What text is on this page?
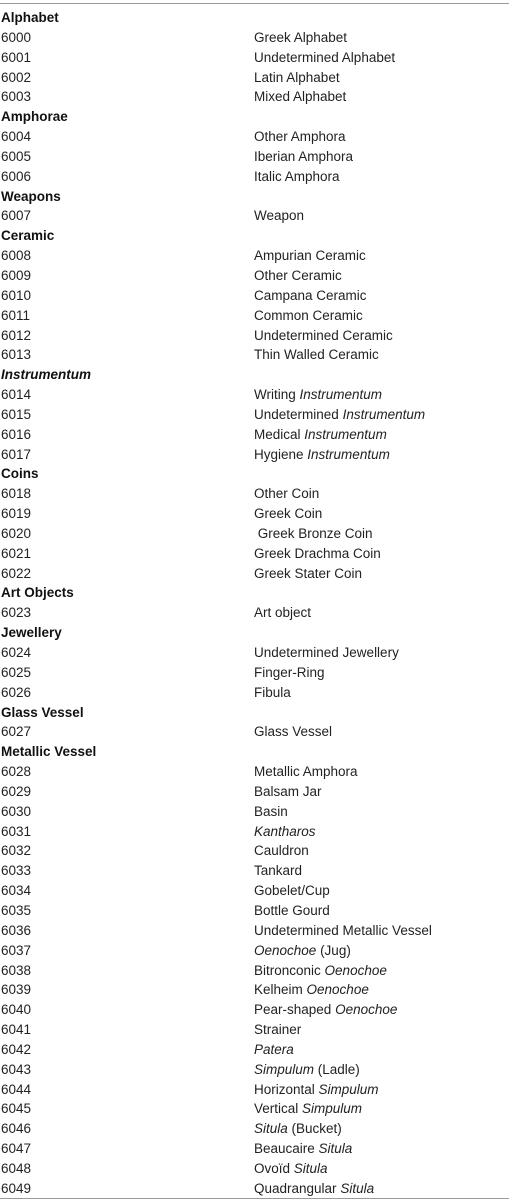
Alphabet
6000	Greek Alphabet
6001	Undetermined Alphabet
6002	Latin Alphabet
6003	Mixed Alphabet
Amphorae
6004	Other Amphora
6005	Iberian Amphora
6006	Italic Amphora
Weapons
6007	Weapon
Ceramic
6008	Ampurian Ceramic
6009	Other Ceramic
6010	Campana Ceramic
6011	Common Ceramic
6012	Undetermined Ceramic
6013	Thin Walled Ceramic
Instrumentum
6014	Writing Instrumentum
6015	Undetermined Instrumentum
6016	Medical Instrumentum
6017	Hygiene Instrumentum
Coins
6018	Other Coin
6019	Greek Coin
6020	Greek Bronze Coin
6021	Greek Drachma Coin
6022	Greek Stater Coin
Art Objects
6023	Art object
Jewellery
6024	Undetermined Jewellery
6025	Finger-Ring
6026	Fibula
Glass Vessel
6027	Glass Vessel
Metallic Vessel
6028	Metallic Amphora
6029	Balsam Jar
6030	Basin
6031	Kantharos
6032	Cauldron
6033	Tankard
6034	Gobelet/Cup
6035	Bottle Gourd
6036	Undetermined Metallic Vessel
6037	Oenochoe (Jug)
6038	Bitronconic Oenochoe
6039	Kelheim Oenochoe
6040	Pear-shaped Oenochoe
6041	Strainer
6042	Patera
6043	Simpulum (Ladle)
6044	Horizontal Simpulum
6045	Vertical Simpulum
6046	Situla (Bucket)
6047	Beaucaire Situla
6048	Ovoïd Situla
6049	Quadrangular Situla
